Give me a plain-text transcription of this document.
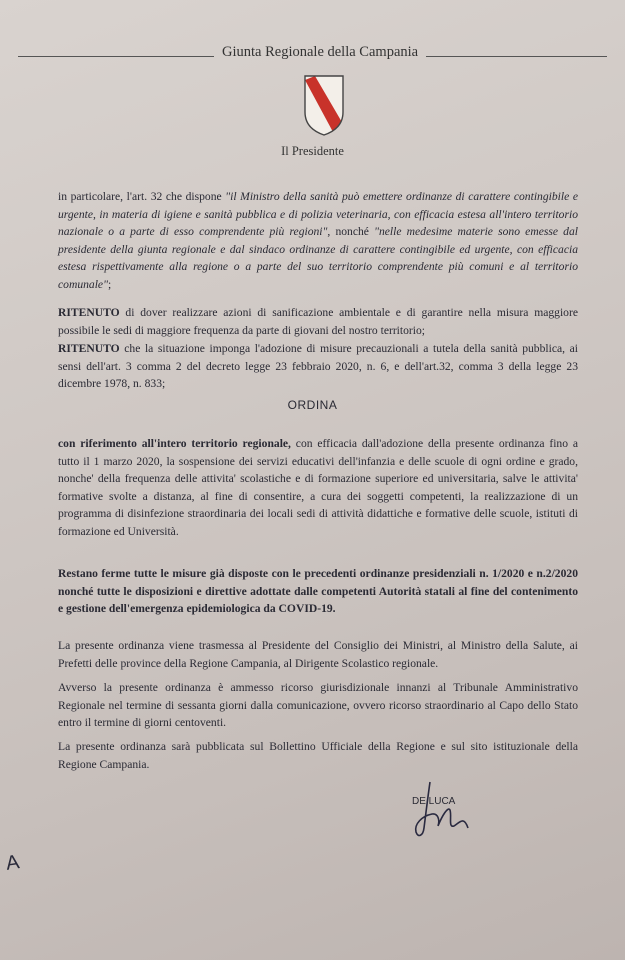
Giunta Regionale della Campania
Il Presidente
in particolare, l'art. 32 che dispone "il Ministro della sanità può emettere ordinanze di carattere contingibile e urgente, in materia di igiene e sanità pubblica e di polizia veterinaria, con efficacia estesa all'intero territorio nazionale o a parte di esso comprendente più regioni", nonché "nelle medesime materie sono emesse dal presidente della giunta regionale e dal sindaco ordinanze di carattere contingibile ed urgente, con efficacia estesa rispettivamente alla regione o a parte del suo territorio comprendente più comuni e al territorio comunale";
RITENUTO di dover realizzare azioni di sanificazione ambientale e di garantire nella misura maggiore possibile le sedi di maggiore frequenza da parte di giovani del nostro territorio;
RITENUTO che la situazione imponga l'adozione di misure precauzionali a tutela della sanità pubblica, ai sensi dell'art. 3 comma 2 del decreto legge 23 febbraio 2020, n. 6, e dell'art.32, comma 3 della legge 23 dicembre 1978, n. 833;
ORDINA
con riferimento all'intero territorio regionale, con efficacia dall'adozione della presente ordinanza fino a tutto il 1 marzo 2020, la sospensione dei servizi educativi dell'infanzia e delle scuole di ogni ordine e grado, nonche' della frequenza delle attivita' scolastiche e di formazione superiore ed universitaria, salve le attivita' formative svolte a distanza, al fine di consentire, a cura dei soggetti competenti, la realizzazione di un programma di disinfezione straordinaria dei locali sedi di attività didattiche e formative delle scuole, istituti di formazione ed Università.
Restano ferme tutte le misure già disposte con le precedenti ordinanze presidenziali n. 1/2020 e n.2/2020 nonché tutte le disposizioni e direttive adottate dalle competenti Autorità statali al fine del contenimento e gestione dell'emergenza epidemiologica da COVID-19.
La presente ordinanza viene trasmessa al Presidente del Consiglio dei Ministri, al Ministro della Salute, ai Prefetti delle province della Regione Campania, al Dirigente Scolastico regionale.
Avverso la presente ordinanza è ammesso ricorso giurisdizionale innanzi al Tribunale Amministrativo Regionale nel termine di sessanta giorni dalla comunicazione, ovvero ricorso straordinario al Capo dello Stato entro il termine di giorni centoventi.
La presente ordinanza sarà pubblicata sul Bollettino Ufficiale della Regione e sul sito istituzionale della Regione Campania.
DE LUCA
A
